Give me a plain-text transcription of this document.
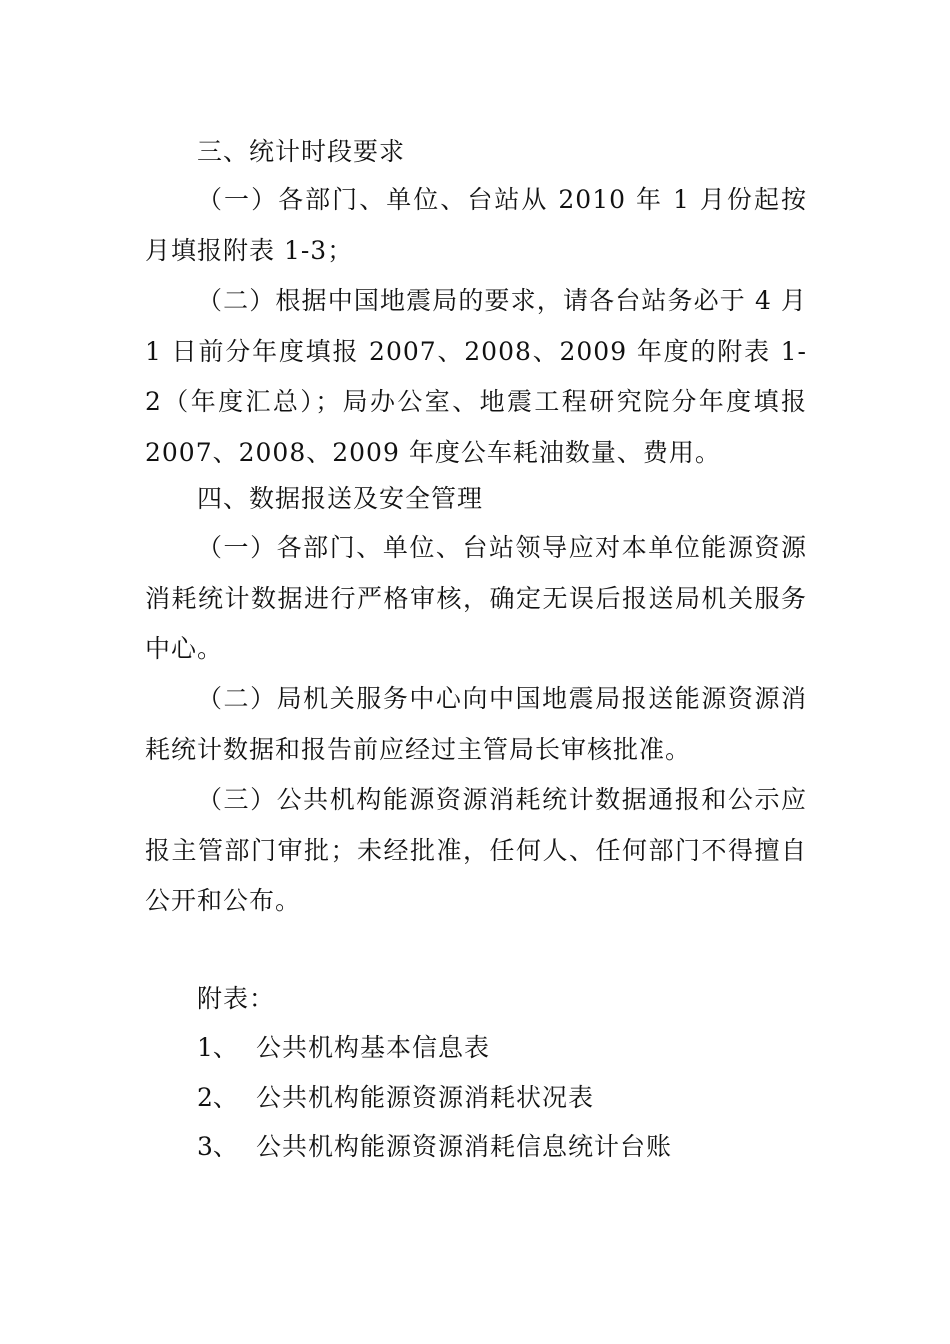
三、统计时段要求
（一）各部门、单位、台站从 2010 年 1 月份起按月填报附表 1-3；
（二）根据中国地震局的要求，请各台站务必于 4 月 1 日前分年度填报 2007、2008、2009 年度的附表 1-2（年度汇总）；局办公室、地震工程研究院分年度填报 2007、2008、2009 年度公车耗油数量、费用。
四、数据报送及安全管理
（一）各部门、单位、台站领导应对本单位能源资源消耗统计数据进行严格审核，确定无误后报送局机关服务中心。
（二）局机关服务中心向中国地震局报送能源资源消耗统计数据和报告前应经过主管局长审核批准。
（三）公共机构能源资源消耗统计数据通报和公示应报主管部门审批；未经批准，任何人、任何部门不得擅自公开和公布。
附表：
1、 公共机构基本信息表
2、 公共机构能源资源消耗状况表
3、 公共机构能源资源消耗信息统计台账
